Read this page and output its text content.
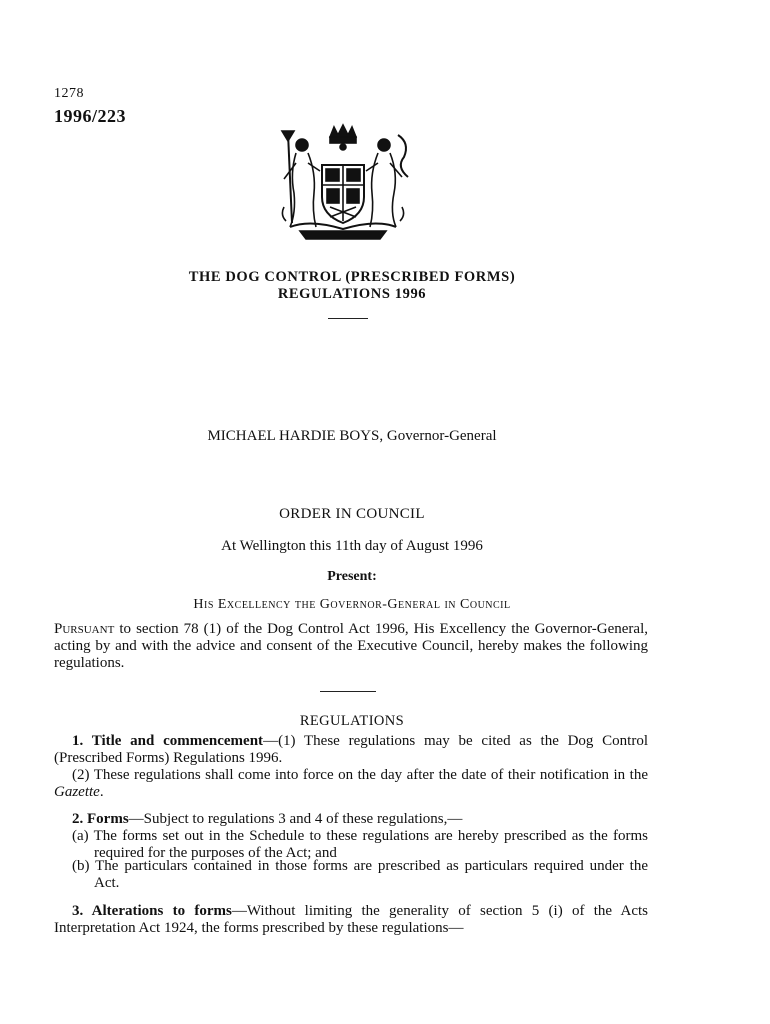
1278
1996/223
THE DOG CONTROL (PRESCRIBED FORMS)
REGULATIONS 1996
MICHAEL HARDIE BOYS, Governor-General
ORDER IN COUNCIL
At Wellington this 11th day of August 1996
Present:
His Excellency the Governor-General in Council
Pursuant to section 78 (1) of the Dog Control Act 1996, His Excellency the Governor-General, acting by and with the advice and consent of the Executive Council, hereby makes the following regulations.
REGULATIONS
1. Title and commencement—(1) These regulations may be cited as the Dog Control (Prescribed Forms) Regulations 1996.
(2) These regulations shall come into force on the day after the date of their notification in the Gazette.
2. Forms—Subject to regulations 3 and 4 of these regulations,—
(a) The forms set out in the Schedule to these regulations are hereby prescribed as the forms required for the purposes of the Act; and
(b) The particulars contained in those forms are prescribed as particulars required under the Act.
3. Alterations to forms—Without limiting the generality of section 5 (i) of the Acts Interpretation Act 1924, the forms prescribed by these regulations—
